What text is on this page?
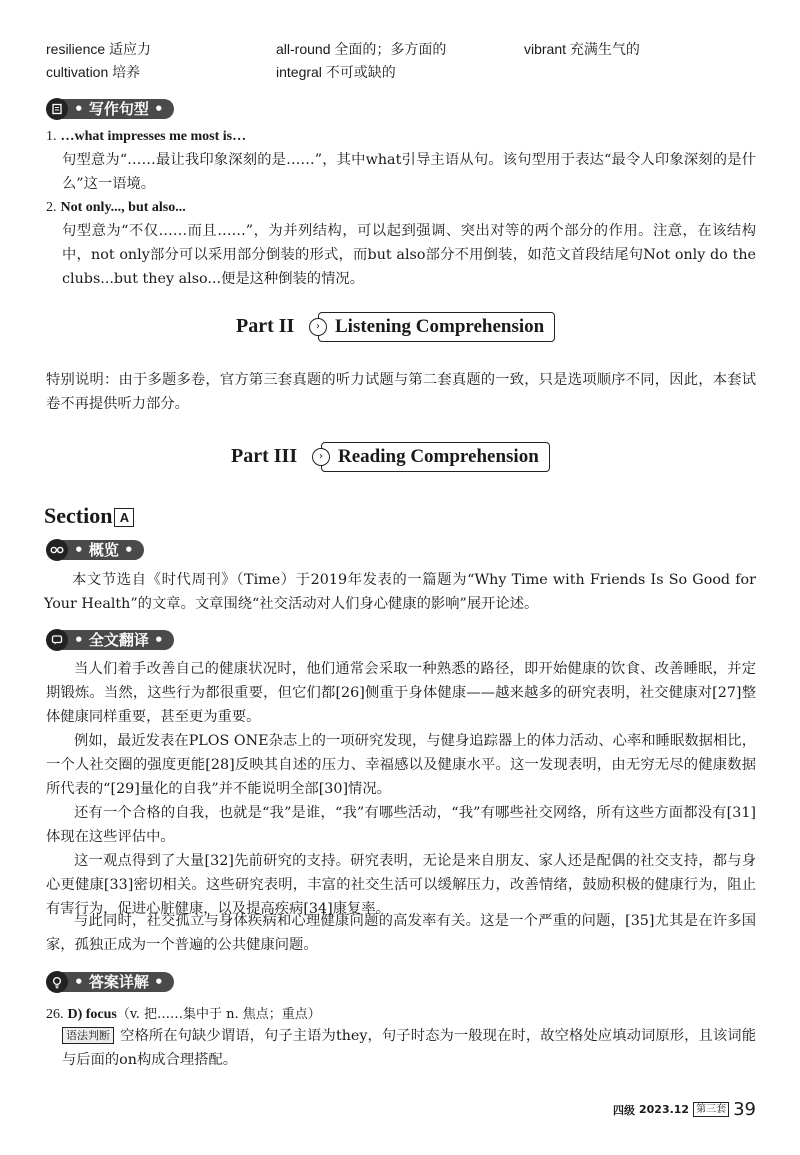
resilience 适应力
cultivation 培养
all-round 全面的；多方面的
integral 不可或缺的
vibrant 充满生气的
• 写作句型 •
1. …what impresses me most is…
句型意为“……最让我印象深刻的是……”，其中what引导主语从句。该句型用于表达“最令人印象深刻的是什么”这一语境。
2. Not only..., but also...
句型意为“不仅……而且……”，为并列结构，可以起到强调、突出对等的两个部分的作用。注意，在该结构中，not only部分可以采用部分倒装的形式，而but also部分不用倒装，如范文首段结尾句Not only do the clubs...but they also...便是这种倒装的情况。
Part II	Listening Comprehension
›
特别说明：由于多题多卷，官方第三套真题的听力试题与第二套真题的一致，只是选项顺序不同，因此，本套试卷不再提供听力部分。
Part III	Reading Comprehension
›
Section A
• 概览 •
本文节选自《时代周刊》（Time）于2019年发表的一篇题为“Why Time with Friends Is So Good for Your Health”的文章。文章围绕“社交活动对人们身心健康的影响”展开论述。
• 全文翻译 •
当人们着手改善自己的健康状况时，他们通常会采取一种熟悉的路径，即开始健康的饮食、改善睡眠，并定期锻炼。当然，这些行为都很重要，但它们都[26]侧重于身体健康——越来越多的研究表明，社交健康对[27]整体健康同样重要，甚至更为重要。
例如，最近发表在PLOS ONE杂志上的一项研究发现，与健身追踪器上的体力活动、心率和睡眠数据相比，一个人社交圈的强度更能[28]反映其自述的压力、幸福感以及健康水平。这一发现表明，由无穷无尽的健康数据所代表的“[29]量化的自我”并不能说明全部[30]情况。
还有一个合格的自我，也就是“我”是谁，“我”有哪些活动，“我”有哪些社交网络，所有这些方面都没有[31]体现在这些评估中。
这一观点得到了大量[32]先前研究的支持。研究表明，无论是来自朋友、家人还是配偶的社交支持，都与身心更健康[33]密切相关。这些研究表明，丰富的社交生活可以缓解压力，改善情绪，鼓励积极的健康行为，阻止有害行为，促进心脏健康，以及提高疾病[34]康复率。
与此同时，社交孤立与身体疾病和心理健康问题的高发率有关。这是一个严重的问题，[35]尤其是在许多国家，孤独正成为一个普遍的公共健康问题。
• 答案详解 •
26. D) focus（v. 把……集中于 n. 焦点；重点）
语法判断 空格所在句缺少谓语，句子主语为they，句子时态为一般现在时，故空格处应填动词原形，且该词能与后面的on构成合理搭配。
四级 2023.12 第三套 39
